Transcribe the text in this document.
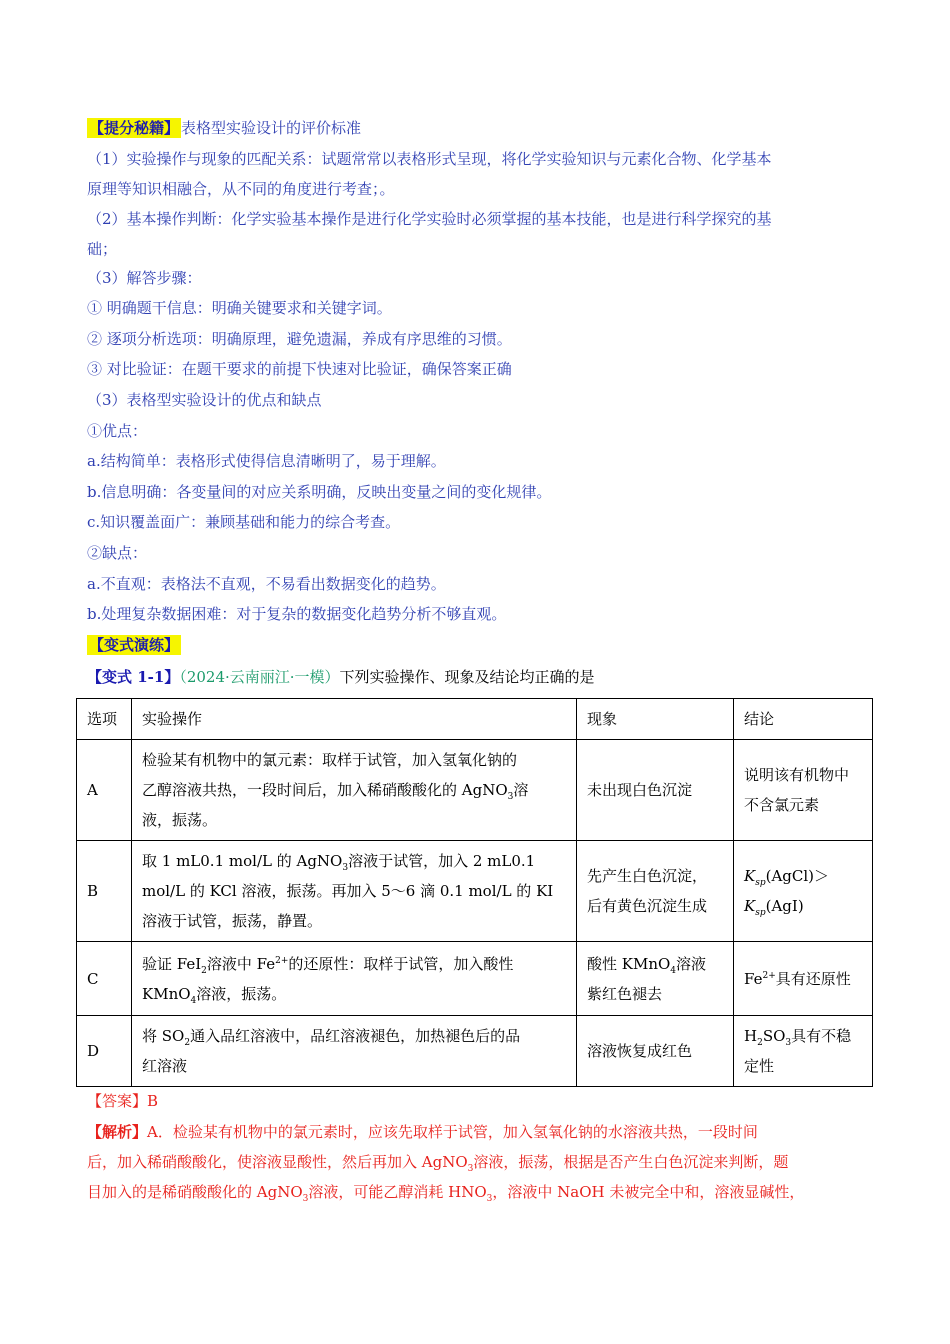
【提分秘籍】 表格型实验设计的评价标准
（1）实验操作与现象的匹配关系：试题常常以表格形式呈现，将化学实验知识与元素化合物、化学基本
原理等知识相融合，从不同的角度进行考查；。
（2）基本操作判断：化学实验基本操作是进行化学实验时必须掌握的基本技能，也是进行科学探究的基
础；
（3）解答步骤：
① 明确题干信息：明确关键要求和关键字词。
② 逐项分析选项：明确原理，避免遗漏，养成有序思维的习惯。
③ 对比验证：在题干要求的前提下快速对比验证，确保答案正确
（3）表格型实验设计的优点和缺点
①优点：
a.结构简单：表格形式使得信息清晰明了，易于理解。
b.信息明确：各变量间的对应关系明确，反映出变量之间的变化规律。
c.知识覆盖面广：兼顾基础和能力的综合考查。
②缺点：
a.不直观：表格法不直观，不易看出数据变化的趋势。
b.处理复杂数据困难：对于复杂的数据变化趋势分析不够直观。
【变式演练】
【变式 1-1】（2024·云南丽江·一模）下列实验操作、现象及结论均正确的是
选项	实验操作	现象	结论
A	检验某有机物中的氯元素：取样于试管，加入氢氧化钠的
乙醇溶液共热，一段时间后，加入稀硝酸酸化的 AgNO$_3$溶
液，振荡。	未出现白色沉淀	说明该有机物中
不含氯元素
B	取 1 mL0.1 mol/L 的 AgNO$_3$溶液于试管，加入 2 mL0.1
mol/L 的 KCl 溶液，振荡。再加入 5～6 滴 0.1 mol/L 的 KI
溶液于试管，振荡，静置。	先产生白色沉淀，
后有黄色沉淀生成	$K_{sp}(AgCl)>$
$K_{sp}(AgI)$
C	验证 FeI$_2$溶液中 $Fe^{2+}$的还原性：取样于试管，加入酸性
KMnO$_4$溶液，振荡。	酸性 KMnO$_4$溶液
紫红色褪去	$Fe^{2+}$具有还原性
D	将 $SO_2$通入品红溶液中，品红溶液褪色，加热褪色后的品
红溶液	溶液恢复成红色	$H_2SO_3$具有不稳
定性
【答案】B
【解析】A．检验某有机物中的氯元素时，应该先取样于试管，加入氢氧化钠的水溶液共热，一段时间
后，加入稀硝酸酸化，使溶液显酸性，然后再加入 AgNO$_3$溶液，振荡，根据是否产生白色沉淀来判断，题
目加入的是稀硝酸酸化的 AgNO$_3$溶液，可能乙醇消耗 $HNO_3$，溶液中 NaOH 未被完全中和，溶液显碱性，
